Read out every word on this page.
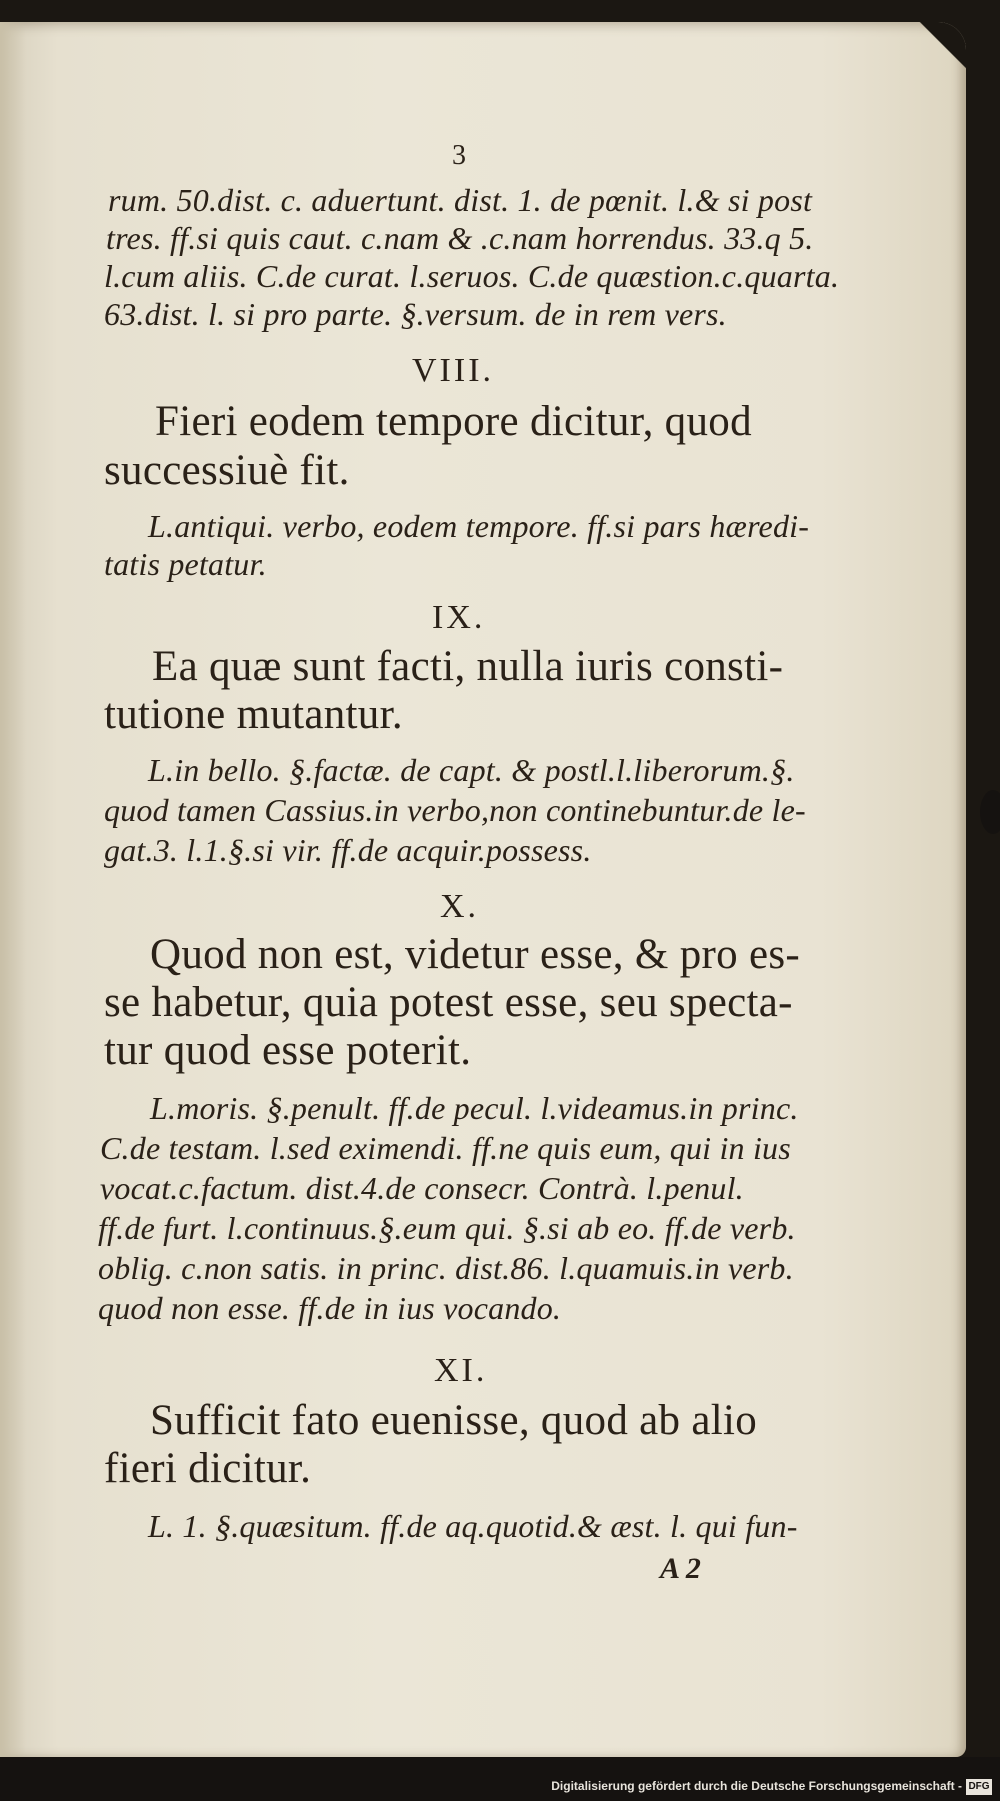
3
rum. 50.dist. c. aduertunt. dist. 1. de pœnit. l.& si post
tres. ff.si quis caut. c.nam & .c.nam horrendus. 33.q 5.
l.cum aliis. C.de curat. l.seruos. C.de quæstion.c.quarta.
63.dist. l. si pro parte. §.versum. de in rem vers.
VIII.
Fieri eodem tempore dicitur, quod
successiuè fit.
L.antiqui. verbo, eodem tempore. ff.si pars hæredi-
tatis petatur.
IX.
Ea quæ sunt facti, nulla iuris consti-
tutione mutantur.
L.in bello. §.factæ. de capt. & postl.l.liberorum.§.
quod tamen Cassius.in verbo,non continebuntur.de le-
gat.3. l.1.§.si vir. ff.de acquir.possess.
X.
Quod non est, videtur esse, & pro es-
se habetur, quia potest esse, seu specta-
tur quod esse poterit.
L.moris. §.penult. ff.de pecul. l.videamus.in princ.
C.de testam. l.sed eximendi. ff.ne quis eum, qui in ius
vocat.c.factum. dist.4.de consecr. Contrà. l.penul.
ff.de furt. l.continuus.§.eum qui. §.si ab eo. ff.de verb.
oblig. c.non satis. in princ. dist.86. l.quamuis.in verb.
quod non esse. ff.de in ius vocando.
XI.
Sufficit fato euenisse, quod ab alio
fieri dicitur.
L. 1. §.quæsitum. ff.de aq.quotid.& æst. l. qui fun-
A 2
Digitalisierung gefördert durch die Deutsche Forschungsgemeinschaft - DFG
